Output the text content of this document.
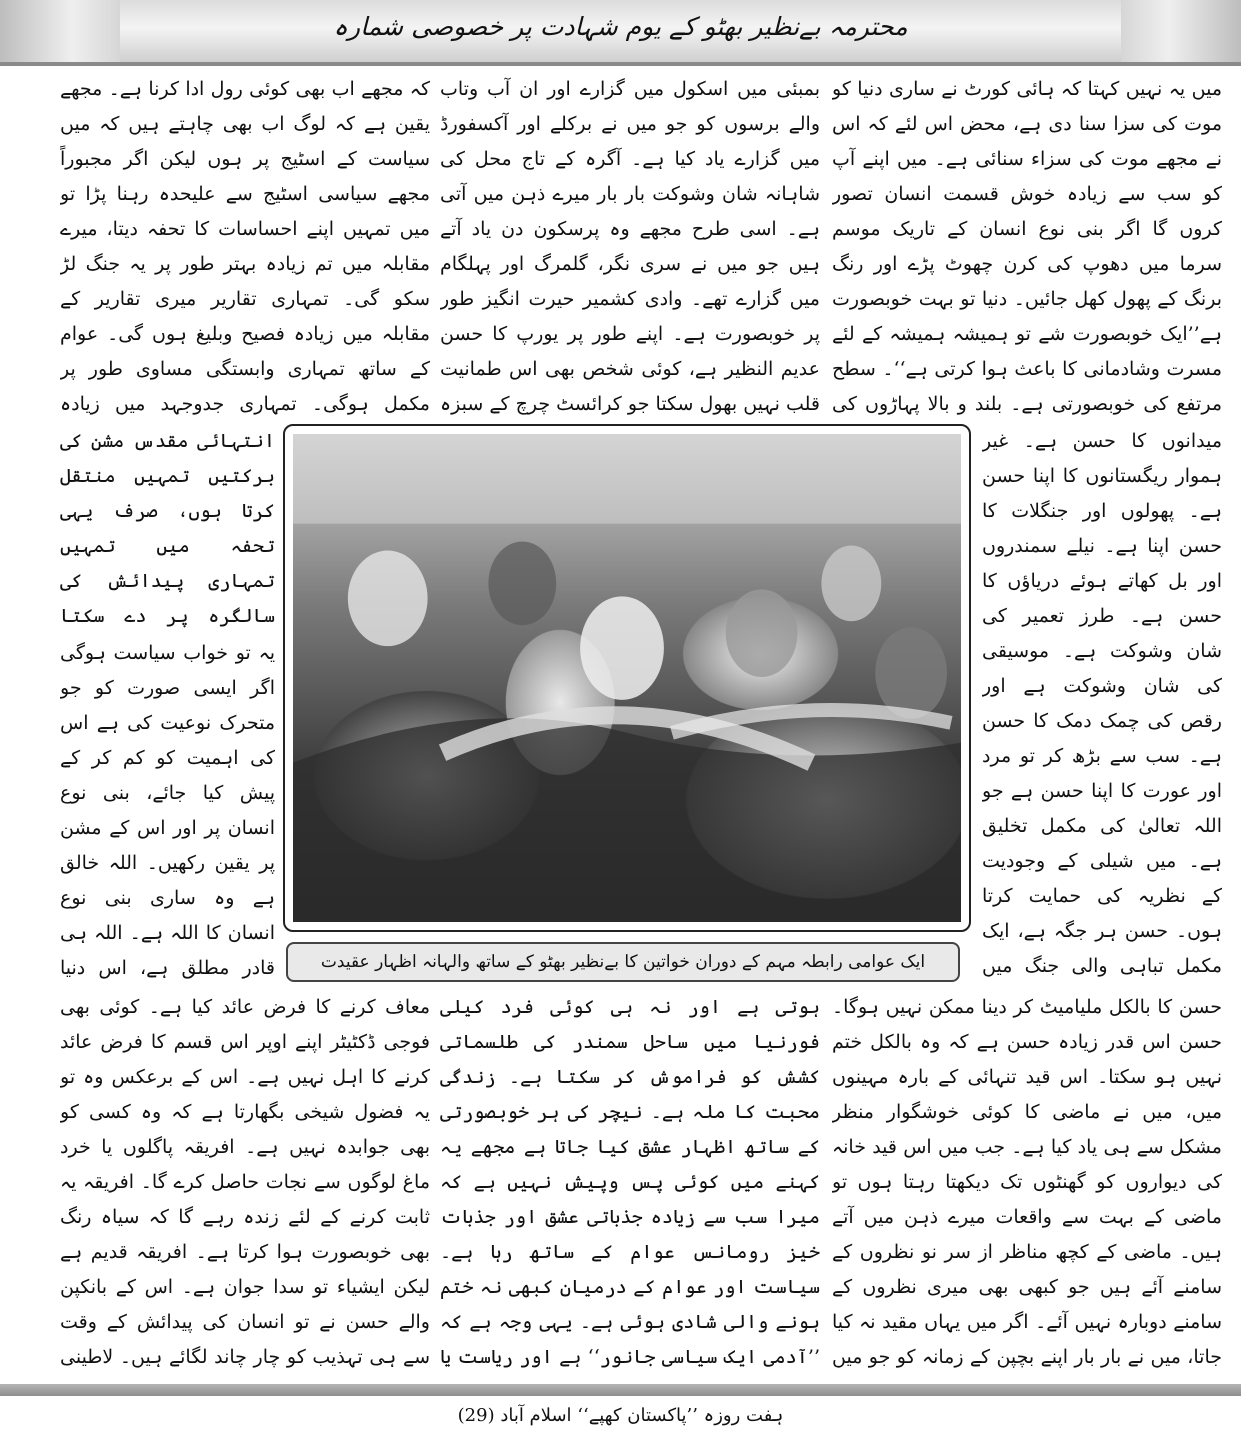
محترمہ بےنظیر بھٹو کے یوم شہادت پر خصوصی شمارہ

میں یہ نہیں کہتا کہ ہائی کورٹ نے ساری دنیا کو موت کی سزا سنا دی ہے، محض اس لئے کہ اس نے مجھے موت کی سزاء سنائی ہے۔ میں اپنے آپ کو سب سے زیادہ خوش قسمت انسان تصور کروں گا اگر بنی نوع انسان کے تاریک موسم سرما میں دھوپ کی کرن چھوٹ پڑے اور رنگ برنگ کے پھول کھل جائیں۔ دنیا تو بہت خوبصورت ہے’’ایک خوبصورت شے تو ہمیشہ ہمیشہ کے لئے مسرت وشادمانی کا باعث ہوا کرتی ہے‘‘۔ سطح مرتفع کی خوبصورتی ہے۔ بلند و بالا پہاڑوں کی

میدانوں کا حسن ہے۔ غیر ہموار ریگستانوں کا اپنا حسن ہے۔ پھولوں اور جنگلات کا حسن اپنا ہے۔ نیلے سمندروں اور بل کھاتے ہوئے دریاؤں کا حسن ہے۔ طرز تعمیر کی شان وشوکت ہے۔ موسیقی کی شان وشوکت ہے اور رقص کی چمک دمک کا حسن ہے۔ سب سے بڑھ کر تو مرد اور عورت کا اپنا حسن ہے جو اللہ تعالیٰ کی مکمل تخلیق ہے۔ میں شیلی کے وجودیت کے نظریہ کی حمایت کرتا ہوں۔ حسن ہر جگہ ہے، ایک مکمل تباہی والی جنگ میں

حسن کا بالکل ملیامیٹ کر دینا ممکن نہیں ہوگا۔ حسن اس قدر زیادہ حسن ہے کہ وہ بالکل ختم نہیں ہو سکتا۔ اس قید تنہائی کے بارہ مہینوں میں، میں نے ماضی کا کوئی خوشگوار منظر مشکل سے ہی یاد کیا ہے۔ جب میں اس قید خانہ کی دیواروں کو گھنٹوں تک دیکھتا رہتا ہوں تو ماضی کے بہت سے واقعات میرے ذہن میں آتے ہیں۔ ماضی کے کچھ مناظر از سر نو نظروں کے سامنے آئے ہیں جو کبھی بھی میری نظروں کے سامنے دوبارہ نہیں آئے۔ اگر میں یہاں مقید نہ کیا جاتا، میں نے بار بار اپنے بچپن کے زمانہ کو جو میں

بمبئی میں اسکول میں گزارے اور ان آب وتاب والے برسوں کو جو میں نے برکلے اور آکسفورڈ میں گزارے یاد کیا ہے۔ آگرہ کے تاج محل کی شاہانہ شان وشوکت بار بار میرے ذہن میں آتی ہے۔ اسی طرح مجھے وہ پرسکون دن یاد آتے ہیں جو میں نے سری نگر، گلمرگ اور پہلگام میں گزارے تھے۔ وادی کشمیر حیرت انگیز طور پر خوبصورت ہے۔ اپنے طور پر یورپ کا حسن عدیم النظیر ہے، کوئی شخص بھی اس طمانیت قلب نہیں بھول سکتا جو کرائسٹ چرچ کے سبزہ

ہوتی ہے اور نہ ہی کوئی فرد کیلی فورنیا میں ساحل سمندر کی طلسماتی کشش کو فراموش کر سکتا ہے۔ زندگی محبت کا ملہ ہے۔ نیچر کی ہر خوبصورتی کے ساتھ اظہار عشق کیا جاتا ہے مجھے یہ کہنے میں کوئی پس وپیش نہیں ہے کہ میرا سب سے زیادہ جذباتی عشق اور جذبات خیز رومانس عوام کے ساتھ رہا ہے۔ سیاست اور عوام کے درمیان کبھی نہ ختم ہونے والی شادی ہوئی ہے۔ یہی وجہ ہے کہ ’’آدمی ایک سیاسی جانور‘‘ ہے اور ریاست یا

کہ مجھے اب بھی کوئی رول ادا کرنا ہے۔ مجھے یقین ہے کہ لوگ اب بھی چاہتے ہیں کہ میں سیاست کے اسٹیج پر ہوں لیکن اگر مجبوراً مجھے سیاسی اسٹیج سے علیحدہ رہنا پڑا تو میں تمہیں اپنے احساسات کا تحفہ دیتا، میرے مقابلہ میں تم زیادہ بہتر طور پر یہ جنگ لڑ سکو گی۔ تمہاری تقاریر میری تقاریر کے مقابلہ میں زیادہ فصیح وبلیغ ہوں گی۔ عوام کے ساتھ تمہاری وابستگی مساوی طور پر مکمل ہوگی۔ تمہاری جدوجہد میں زیادہ

انتہائی مقدس مشن کی برکتیں تمہیں منتقل کرتا ہوں، صرف یہی تحفہ میں تمہیں تمہاری پیدائش کی سالگرہ پر دے سکتا

یہ تو خواب سیاست ہوگی اگر ایسی صورت کو جو متحرک نوعیت کی ہے اس کی اہمیت کو کم کر کے پیش کیا جائے، بنی نوع انسان پر اور اس کے مشن پر یقین رکھیں۔ اللہ خالق ہے وہ ساری بنی نوع انسان کا اللہ ہے۔ اللہ ہی قادر مطلق ہے، اس دنیا

معاف کرنے کا فرض عائد کیا ہے۔ کوئی بھی فوجی ڈکٹیٹر اپنے اوپر اس قسم کا فرض عائد کرنے کا اہل نہیں ہے۔ اس کے برعکس وہ تو یہ فضول شیخی بگھارتا ہے کہ وہ کسی کو بھی جوابدہ نہیں ہے۔ افریقہ پاگلوں یا خرد ماغ لوگوں سے نجات حاصل کرے گا۔ افریقہ یہ ثابت کرنے کے لئے زندہ رہے گا کہ سیاہ رنگ بھی خوبصورت ہوا کرتا ہے۔ افریقہ قدیم ہے لیکن ایشیاء تو سدا جوان ہے۔ اس کے بانکپن والے حسن نے تو انسان کی پیدائش کے وقت سے ہی تہذیب کو چار چاند لگائے ہیں۔ لاطینی

ایک عوامی رابطہ مہم کے دوران خواتین کا بےنظیر بھٹو کے ساتھ والہانہ اظہار عقیدت
ہفت روزہ ’’پاکستان کھپے‘‘ اسلام آباد (29)
